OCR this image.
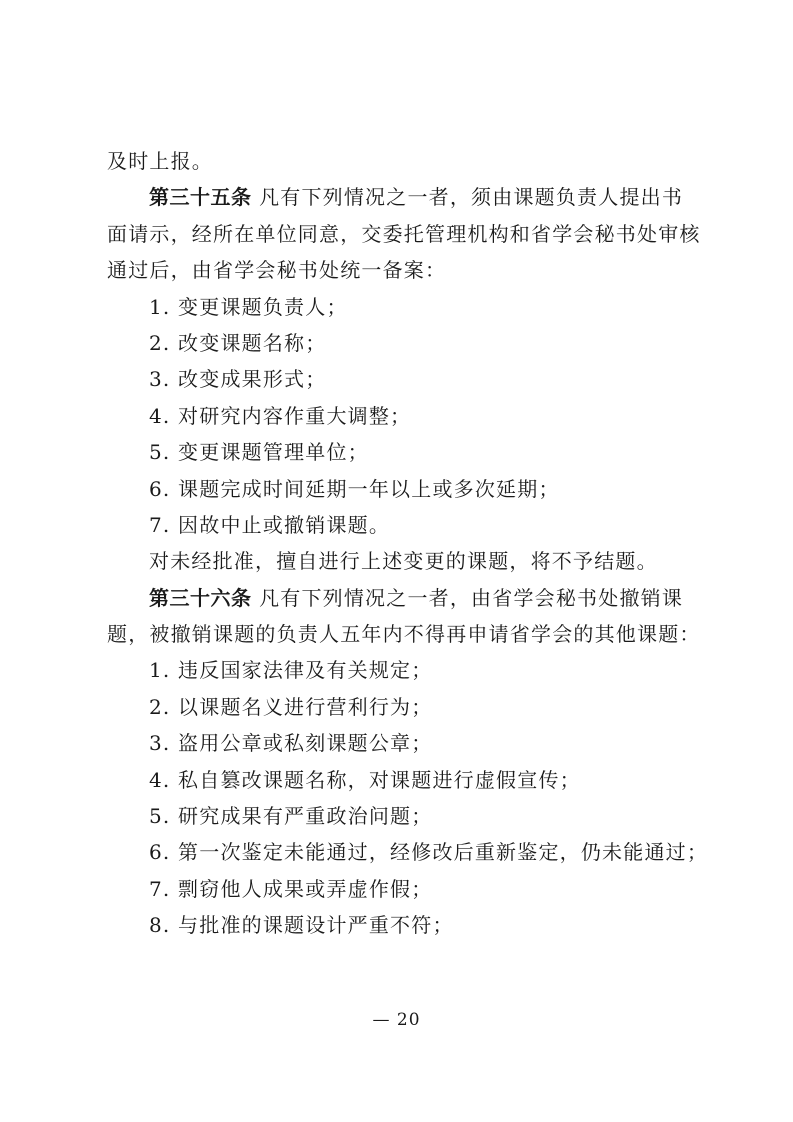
及时上报。
第三十五条 凡有下列情况之一者，须由课题负责人提出书
面请示，经所在单位同意，交委托管理机构和省学会秘书处审核
通过后，由省学会秘书处统一备案：
1. 变更课题负责人；
2. 改变课题名称；
3. 改变成果形式；
4. 对研究内容作重大调整；
5. 变更课题管理单位；
6. 课题完成时间延期一年以上或多次延期；
7. 因故中止或撤销课题。
对未经批准，擅自进行上述变更的课题，将不予结题。
第三十六条 凡有下列情况之一者，由省学会秘书处撤销课
题，被撤销课题的负责人五年内不得再申请省学会的其他课题：
1. 违反国家法律及有关规定；
2. 以课题名义进行营利行为；
3. 盗用公章或私刻课题公章；
4. 私自篡改课题名称，对课题进行虚假宣传；
5. 研究成果有严重政治问题；
6. 第一次鉴定未能通过，经修改后重新鉴定，仍未能通过；
7. 剽窃他人成果或弄虚作假；
8. 与批准的课题设计严重不符；
— 20
